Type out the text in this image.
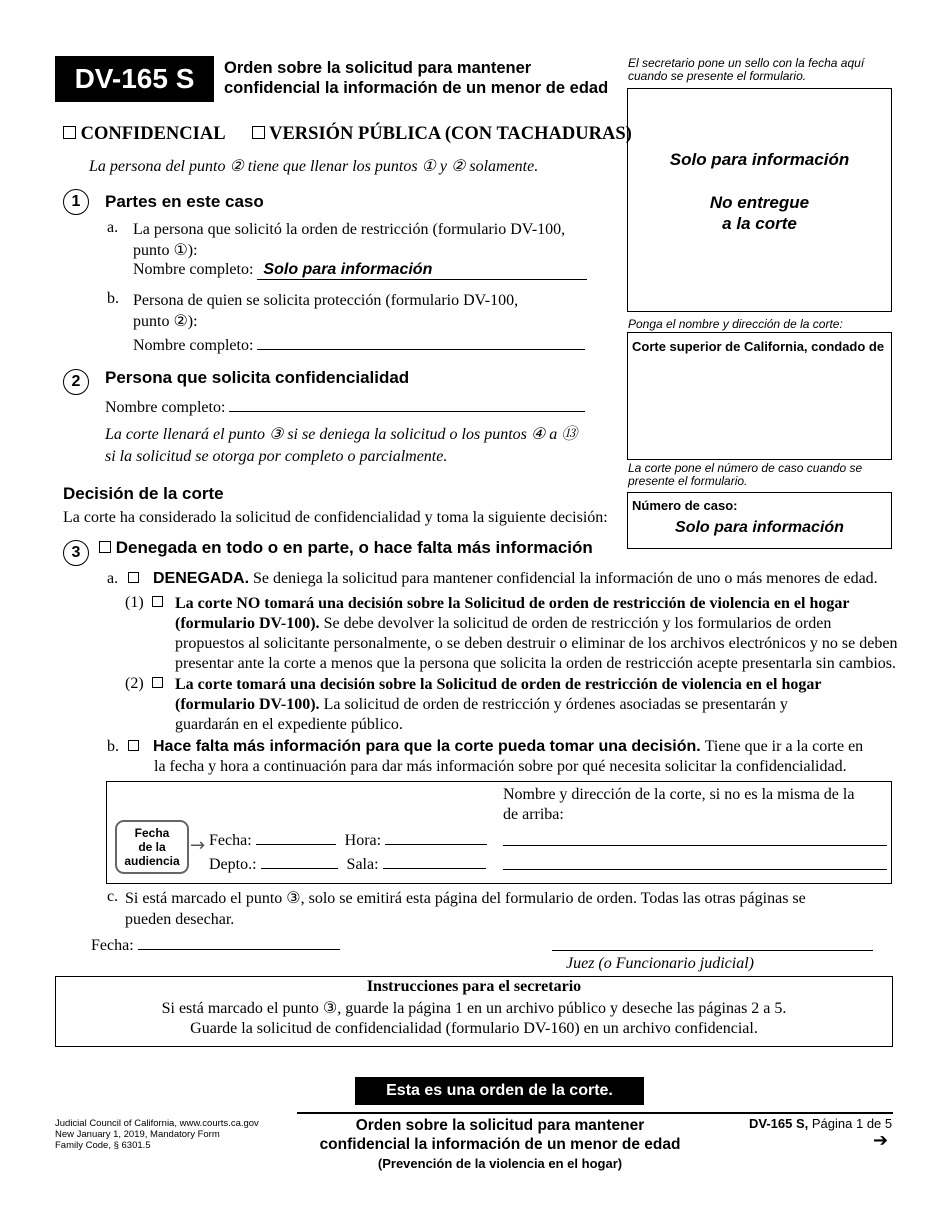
DV-165 S	Orden sobre la solicitud para mantener
confidencial la información de un menor de edad
El secretario pone un sello con la fecha aquí cuando se presente el formulario.
Solo para información
No entregue
a la corte
Ponga el nombre y dirección de la corte:
Corte superior de California, condado de
La corte pone el número de caso cuando se presente el formulario.
Número de caso:
Solo para información
CONFIDENCIAL VERSIÓN PÚBLICA (CON TACHADURAS)
La persona del punto ② tiene que llenar los puntos ① y ② solamente.
1	Partes en este caso
a. La persona que solicitó la orden de restricción (formulario DV-100,
punto ①):
Nombre completo: Solo para información
b. Persona de quien se solicita protección (formulario DV-100,
punto ②):
Nombre completo:
2	Persona que solicita confidencialidad
Nombre completo:
La corte llenará el punto ③ si se deniega la solicitud o los puntos ④ a ⑬
si la solicitud se otorga por completo o parcialmente.
Decisión de la corte
La corte ha considerado la solicitud de confidencialidad y toma la siguiente decisión:
3	Denegada en todo o en parte, o hace falta más información
a.	DENEGADA. Se deniega la solicitud para mantener confidencial la información de uno o más menores de edad.
(1)	La corte NO tomará una decisión sobre la Solicitud de orden de restricción de violencia en el hogar
(formulario DV-100). Se debe devolver la solicitud de orden de restricción y los formularios de orden
propuestos al solicitante personalmente, o se deben destruir o eliminar de los archivos electrónicos y no se deben
presentar ante la corte a menos que la persona que solicita la orden de restricción acepte presentarla sin cambios.
(2)	La corte tomará una decisión sobre la Solicitud de orden de restricción de violencia en el hogar
(formulario DV-100). La solicitud de orden de restricción y órdenes asociadas se presentarán y
guardarán en el expediente público.
b.	Hace falta más información para que la corte pueda tomar una decisión. Tiene que ir a la corte en
la fecha y hora a continuación para dar más información sobre por qué necesita solicitar la confidencialidad.
Fecha
de la
audiencia
→ Fecha:	Hora:
Depto.:	Sala:
Nombre y dirección de la corte, si no es la misma de la
de arriba:
c. Si está marcado el punto ③, solo se emitirá esta página del formulario de orden. Todas las otras páginas se
pueden desechar.
Fecha:
Juez (o Funcionario judicial)
Instrucciones para el secretario
Si está marcado el punto ③, guarde la página 1 en un archivo público y deseche las páginas 2 a 5.
Guarde la solicitud de confidencialidad (formulario DV-160) en un archivo confidencial.
Esta es una orden de la corte.
Judicial Council of California, www.courts.ca.gov
New January 1, 2019, Mandatory Form
Family Code, § 6301.5
Orden sobre la solicitud para mantener
confidencial la información de un menor de edad
(Prevención de la violencia en el hogar)
DV-165 S, Página 1 de 5
➔
